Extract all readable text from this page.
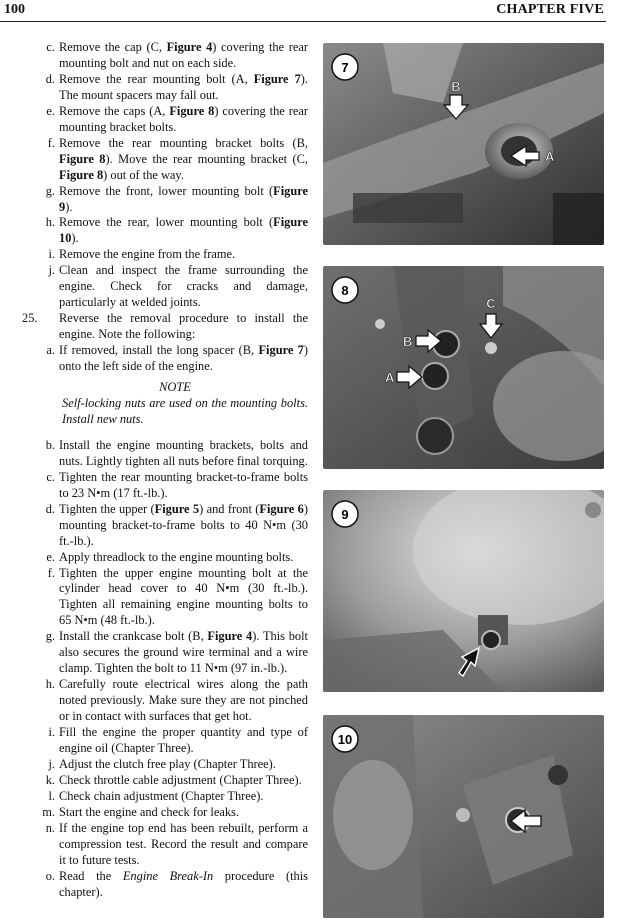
100	CHAPTER FIVE
c. Remove the cap (C, Figure 4) covering the rear mounting bolt and nut on each side.
d. Remove the rear mounting bolt (A, Figure 7). The mount spacers may fall out.
e. Remove the caps (A, Figure 8) covering the rear mounting bracket bolts.
f. Remove the rear mounting bracket bolts (B, Figure 8). Move the rear mounting bracket (C, Figure 8) out of the way.
g. Remove the front, lower mounting bolt (Figure 9).
h. Remove the rear, lower mounting bolt (Figure 10).
i. Remove the engine from the frame.
j. Clean and inspect the frame surrounding the engine. Check for cracks and damage, particularly at welded joints.
25. Reverse the removal procedure to install the engine. Note the following:
a. If removed, install the long spacer (B, Figure 7) onto the left side of the engine.
NOTE
Self-locking nuts are used on the mounting bolts. Install new nuts.
b. Install the engine mounting brackets, bolts and nuts. Lightly tighten all nuts before final torquing.
c. Tighten the rear mounting bracket-to-frame bolts to 23 N•m (17 ft.-lb.).
d. Tighten the upper (Figure 5) and front (Figure 6) mounting bracket-to-frame bolts to 40 N•m (30 ft.-lb.).
e. Apply threadlock to the engine mounting bolts.
f. Tighten the upper engine mounting bolt at the cylinder head cover to 40 N•m (30 ft.-lb.). Tighten all remaining engine mounting bolts to 65 N•m (48 ft.-lb.).
g. Install the crankcase bolt (B, Figure 4). This bolt also secures the ground wire terminal and a wire clamp. Tighten the bolt to 11 N•m (97 in.-lb.).
h. Carefully route electrical wires along the path noted previously. Make sure they are not pinched or in contact with surfaces that get hot.
i. Fill the engine the proper quantity and type of engine oil (Chapter Three).
j. Adjust the clutch free play (Chapter Three).
k. Check throttle cable adjustment (Chapter Three).
l. Check chain adjustment (Chapter Three).
m. Start the engine and check for leaks.
n. If the engine top end has been rebuilt, perform a compression test. Record the result and compare it to future tests.
o. Read the Engine Break-In procedure (this chapter).
7
B
A
8
B
A
C
9
10
